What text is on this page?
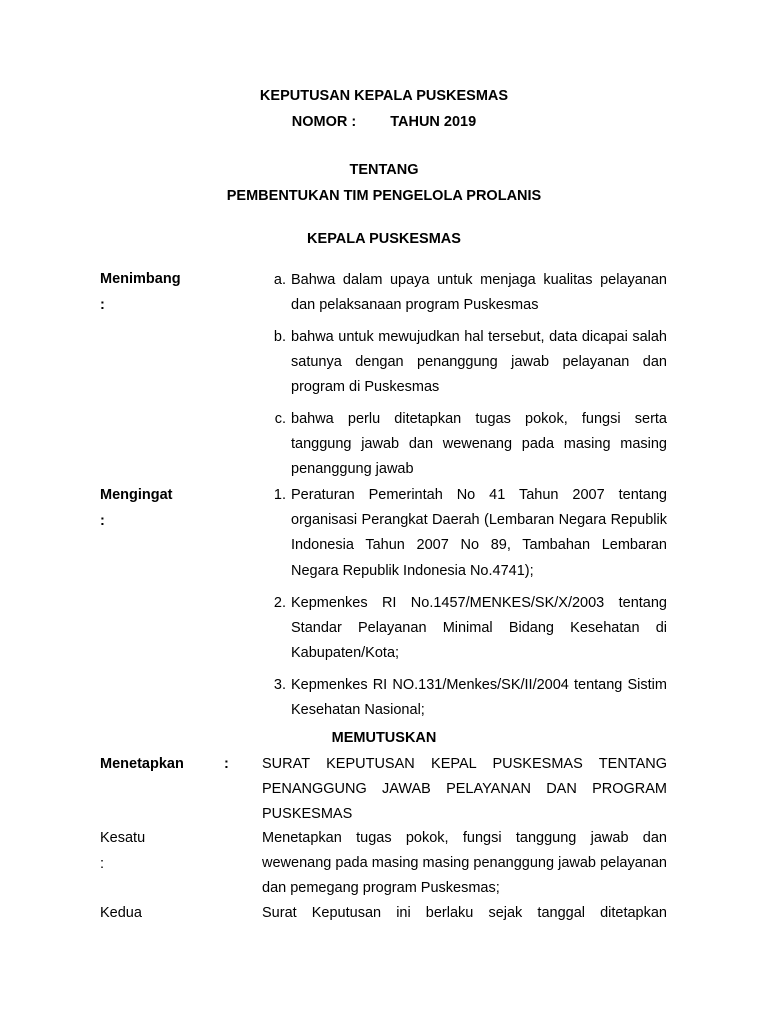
KEPUTUSAN KEPALA PUSKESMAS
NOMOR : TAHUN 2019
TENTANG
PEMBENTUKAN TIM PENGELOLA PROLANIS
KEPALA PUSKESMAS
Menimbang
:
a. Bahwa dalam upaya untuk menjaga kualitas pelayanan dan pelaksanaan program Puskesmas
b. bahwa untuk mewujudkan hal tersebut, data dicapai salah satunya dengan penanggung jawab pelayanan dan program di Puskesmas
c. bahwa perlu ditetapkan tugas pokok, fungsi serta tanggung jawab dan wewenang pada masing masing penanggung jawab
Mengingat
:
1. Peraturan Pemerintah No 41 Tahun 2007 tentang organisasi Perangkat Daerah (Lembaran Negara Republik Indonesia Tahun 2007 No 89, Tambahan Lembaran Negara Republik Indonesia No.4741);
2. Kepmenkes RI No.1457/MENKES/SK/X/2003 tentang Standar Pelayanan Minimal Bidang Kesehatan di Kabupaten/Kota;
3. Kepmenkes RI NO.131/Menkes/SK/II/2004 tentang Sistim Kesehatan Nasional;
MEMUTUSKAN
Menetapkan	: SURAT KEPUTUSAN KEPAL PUSKESMAS TENTANG PENANGGUNG JAWAB PELAYANAN DAN PROGRAM PUSKESMAS
Kesatu
:
Menetapkan tugas pokok, fungsi tanggung jawab dan wewenang pada masing masing penanggung jawab pelayanan dan pemegang program Puskesmas;
Kedua	Surat Keputusan ini berlaku sejak tanggal ditetapkan
